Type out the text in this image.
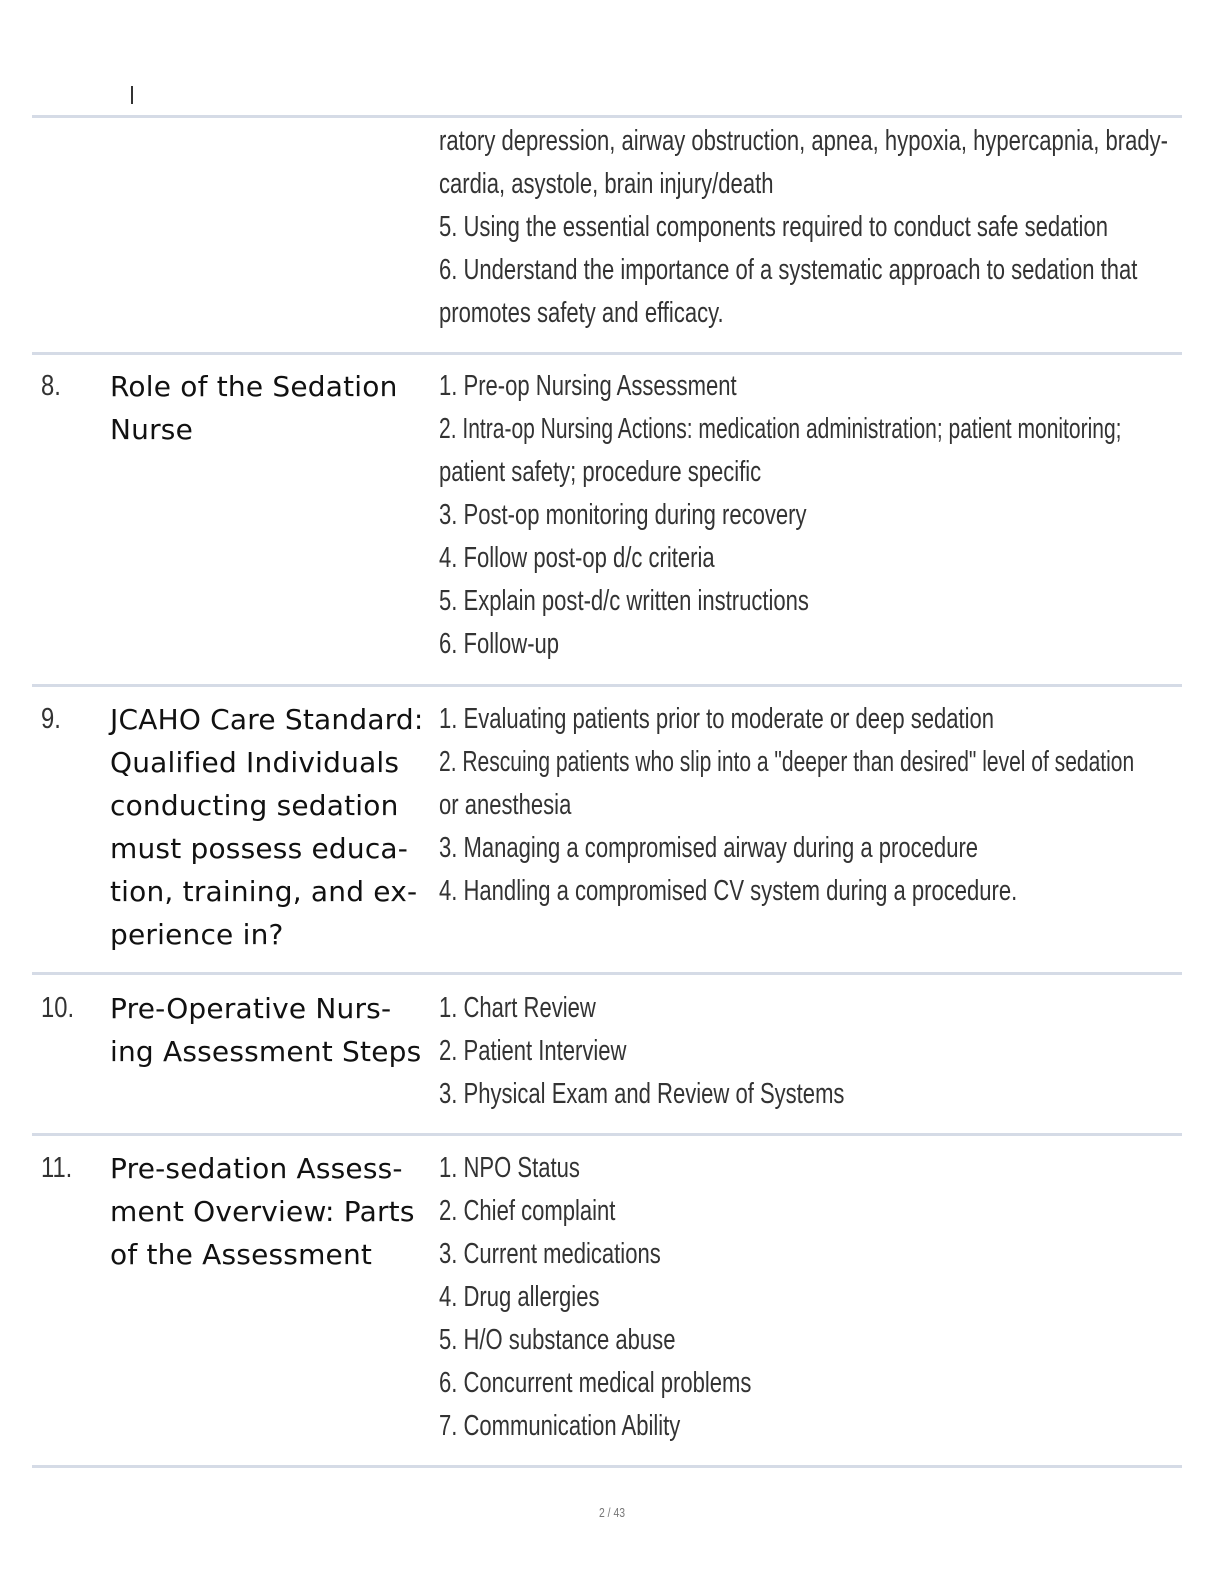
ratory depression, airway obstruction, apnea, hypoxia, hypercapnia, brady-
cardia, asystole, brain injury/death
5. Using the essential components required to conduct safe sedation
6. Understand the importance of a systematic approach to sedation that
promotes safety and efficacy.
8. Role of the Sedation
Nurse
1. Pre-op Nursing Assessment
2. Intra-op Nursing Actions: medication administration; patient monitoring;
patient safety; procedure specific
3. Post-op monitoring during recovery
4. Follow post-op d/c criteria
5. Explain post-d/c written instructions
6. Follow-up
9. JCAHO Care Standard:
Qualified Individuals
conducting sedation
must possess educa-
tion, training, and ex-
perience in?
1. Evaluating patients prior to moderate or deep sedation
2. Rescuing patients who slip into a "deeper than desired" level of sedation
or anesthesia
3. Managing a compromised airway during a procedure
4. Handling a compromised CV system during a procedure.
10. Pre-Operative Nurs-
ing Assessment Steps
1. Chart Review
2. Patient Interview
3. Physical Exam and Review of Systems
11. Pre-sedation Assess-
ment Overview: Parts
of the Assessment
1. NPO Status
2. Chief complaint
3. Current medications
4. Drug allergies
5. H/O substance abuse
6. Concurrent medical problems
7. Communication Ability
2 / 43
